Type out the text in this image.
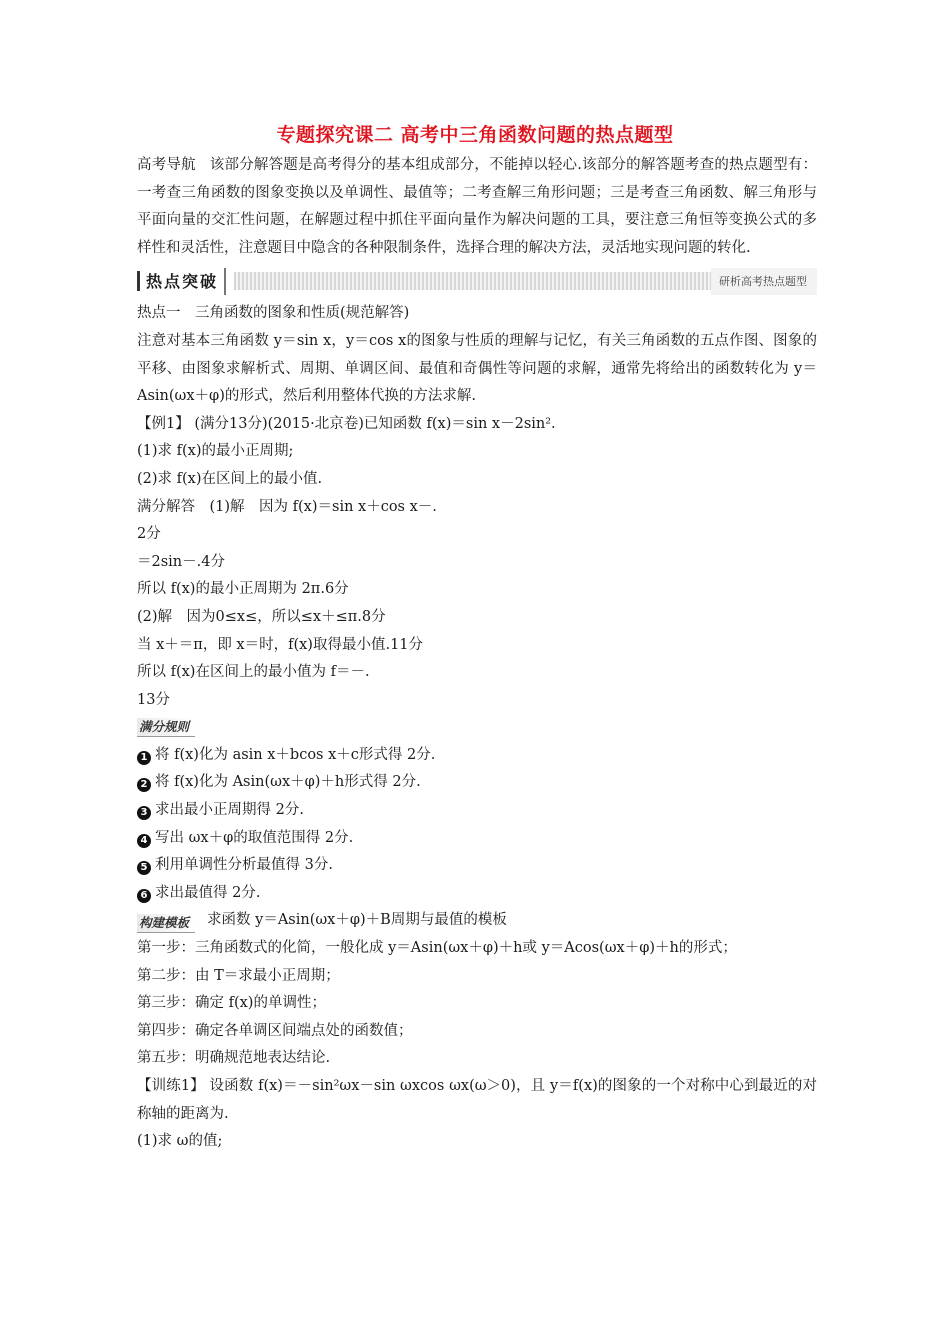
专题探究课二 高考中三角函数问题的热点题型
高考导航 该部分解答题是高考得分的基本组成部分，不能掉以轻心.该部分的解答题考查的热点题型有：一考查三角函数的图象变换以及单调性、最值等；二考查解三角形问题；三是考查三角函数、解三角形与平面向量的交汇性问题，在解题过程中抓住平面向量作为解决问题的工具，要注意三角恒等变换公式的多样性和灵活性，注意题目中隐含的各种限制条件，选择合理的解决方法，灵活地实现问题的转化.
热点突破	研析高考热点题型
热点一　三角函数的图象和性质(规范解答)
注意对基本三角函数 y＝sin x，y＝cos x的图象与性质的理解与记忆，有关三角函数的五点作图、图象的平移、由图象求解析式、周期、单调区间、最值和奇偶性等问题的求解，通常先将给出的函数转化为 y＝Asin(ωx＋φ)的形式，然后利用整体代换的方法求解.
【例1】 (满分13分)(2015·北京卷)已知函数 f(x)＝sin x－2sin².
(1)求 f(x)的最小正周期;
(2)求 f(x)在区间上的最小值.
满分解答　(1)解　因为 f(x)＝sin x＋cos x－.
2分
＝2sin－.4分
所以 f(x)的最小正周期为 2π.6分
(2)解　因为0≤x≤，所以≤x＋≤π.8分
当 x＋＝π，即 x＝时，f(x)取得最小值.11分
所以 f(x)在区间上的最小值为 f＝－.
13分
满分规则
1 将 f(x)化为 asin x＋bcos x＋c形式得 2分.
2 将 f(x)化为 Asin(ωx＋φ)＋h形式得 2分.
3 求出最小正周期得 2分.
4 写出 ωx＋φ的取值范围得 2分.
5 利用单调性分析最值得 3分.
6 求出最值得 2分.
构建模板	求函数 y＝Asin(ωx＋φ)＋B周期与最值的模板
第一步：三角函数式的化简，一般化成 y＝Asin(ωx＋φ)＋h或 y＝Acos(ωx＋φ)＋h的形式；
第二步：由 T＝求最小正周期；
第三步：确定 f(x)的单调性；
第四步：确定各单调区间端点处的函数值；
第五步：明确规范地表达结论.
【训练1】 设函数 f(x)＝－sin²ωx－sin ωxcos ωx(ω＞0)，且 y＝f(x)的图象的一个对称中心到最近的对称轴的距离为.
(1)求 ω的值;
